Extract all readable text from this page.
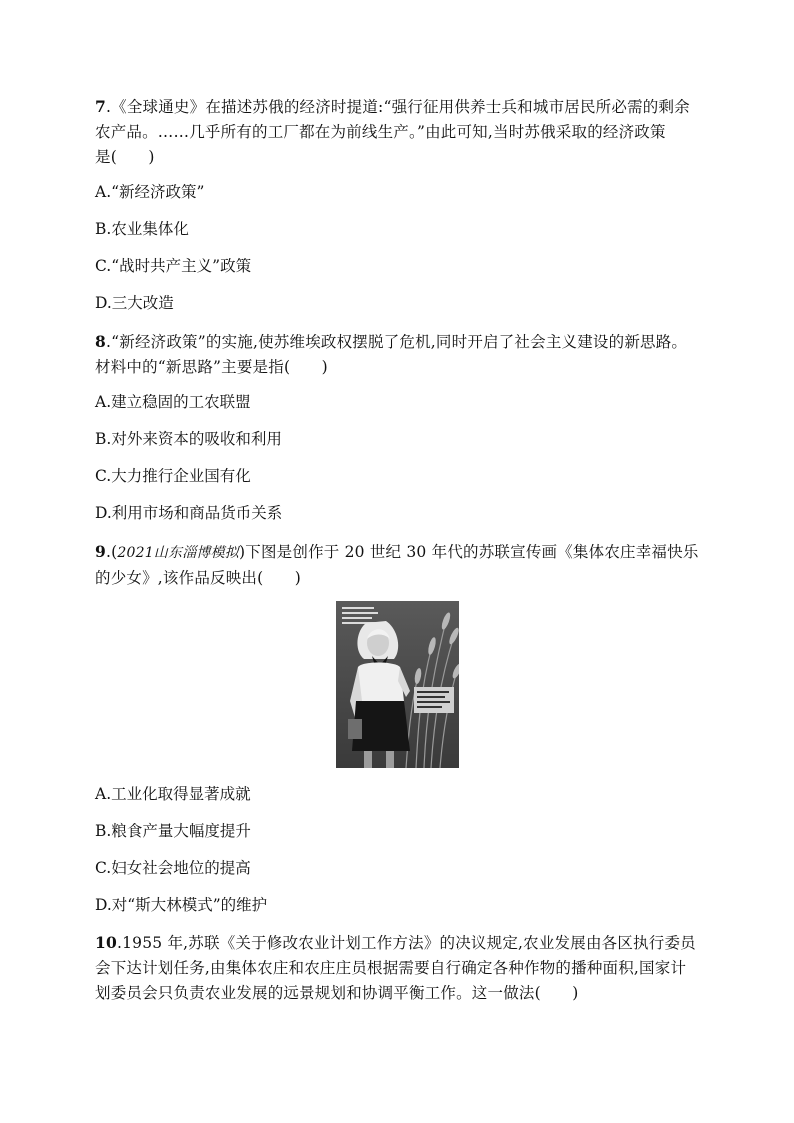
7.《全球通史》在描述苏俄的经济时提道:“强行征用供养士兵和城市居民所必需的剩余
农产品。……几乎所有的工厂都在为前线生产。”由此可知,当时苏俄采取的经济政策
是(　　)
A.“新经济政策”
B.农业集体化
C.“战时共产主义”政策
D.三大改造
8.“新经济政策”的实施,使苏维埃政权摆脱了危机,同时开启了社会主义建设的新思路。
材料中的“新思路”主要是指(　　)
A.建立稳固的工农联盟
B.对外来资本的吸收和利用
C.大力推行企业国有化
D.利用市场和商品货币关系
9.(2021山东淄博模拟)下图是创作于 20 世纪 30 年代的苏联宣传画《集体农庄幸福快乐
的少女》,该作品反映出(　　)
A.工业化取得显著成就
B.粮食产量大幅度提升
C.妇女社会地位的提高
D.对“斯大林模式”的维护
10.1955 年,苏联《关于修改农业计划工作方法》的决议规定,农业发展由各区执行委员
会下达计划任务,由集体农庄和农庄庄员根据需要自行确定各种作物的播种面积,国家计
划委员会只负责农业发展的远景规划和协调平衡工作。这一做法(　　)
